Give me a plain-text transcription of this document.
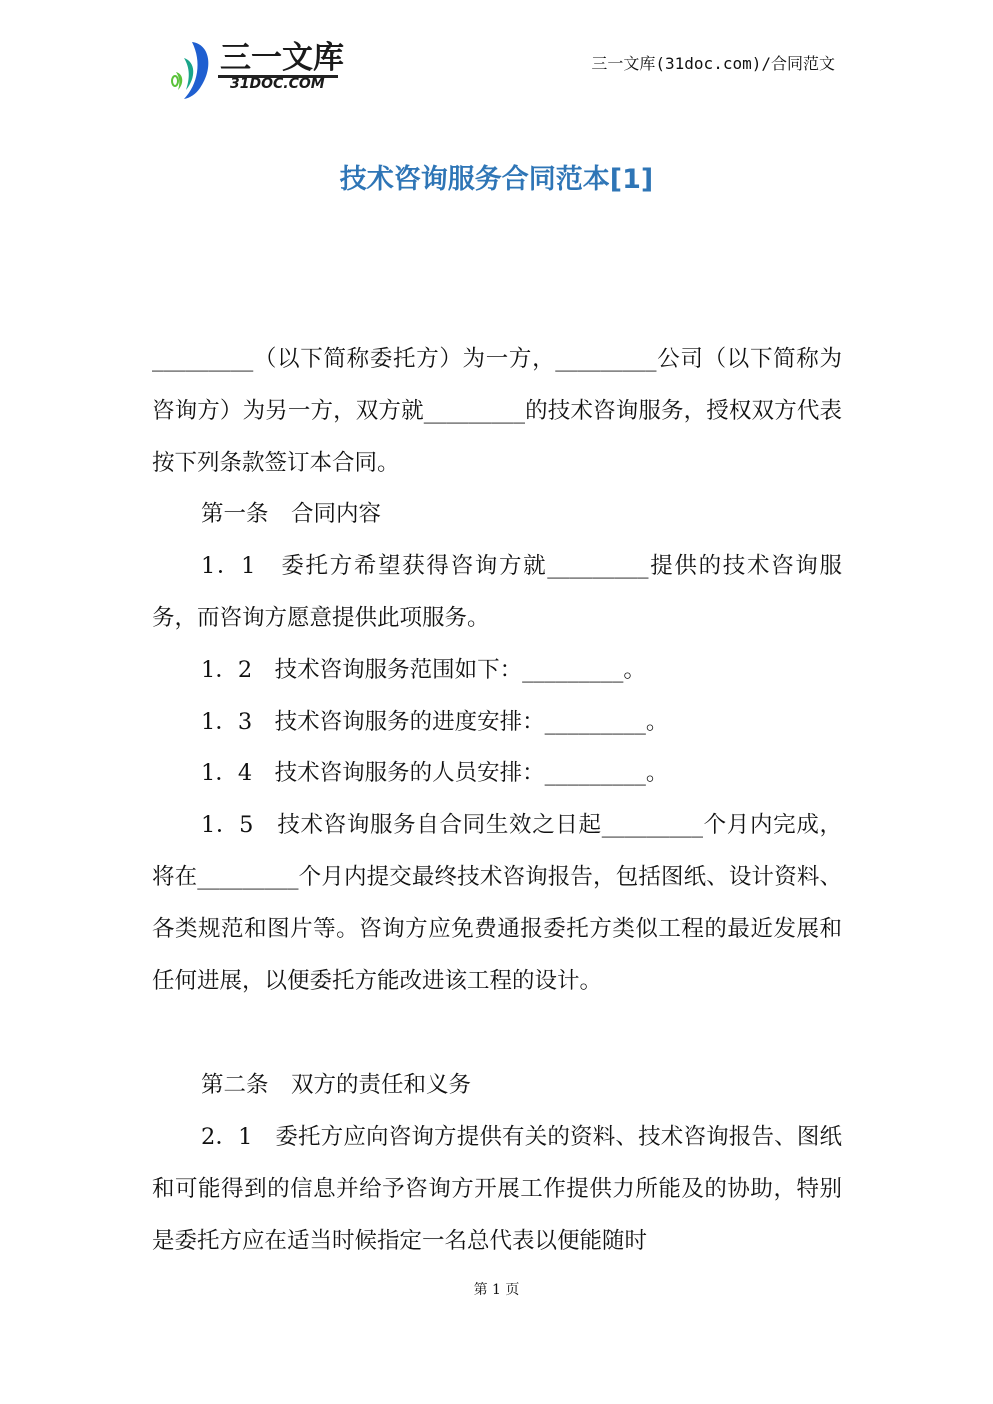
三一文库
31DOC.COM
三一文库(31doc.com)/合同范文
技术咨询服务合同范本[1]

_________（以下简称委托方）为一方，_________公司（以下简称为咨询方）为另一方，双方就_________的技术咨询服务，授权双方代表按下列条款签订本合同。

第一条　合同内容

1．1　委托方希望获得咨询方就_________提供的技术咨询服务，而咨询方愿意提供此项服务。

1．2　技术咨询服务范围如下：_________。

1．3　技术咨询服务的进度安排：_________。

1．4　技术咨询服务的人员安排：_________。

1．5　技术咨询服务自合同生效之日起_________个月内完成，将在_________个月内提交最终技术咨询报告，包括图纸、设计资料、各类规范和图片等。咨询方应免费通报委托方类似工程的最近发展和任何进展，以便委托方能改进该工程的设计。

第二条　双方的责任和义务

2．1　委托方应向咨询方提供有关的资料、技术咨询报告、图纸和可能得到的信息并给予咨询方开展工作提供力所能及的协助，特别是委托方应在适当时候指定一名总代表以便能随时

第 1 页
